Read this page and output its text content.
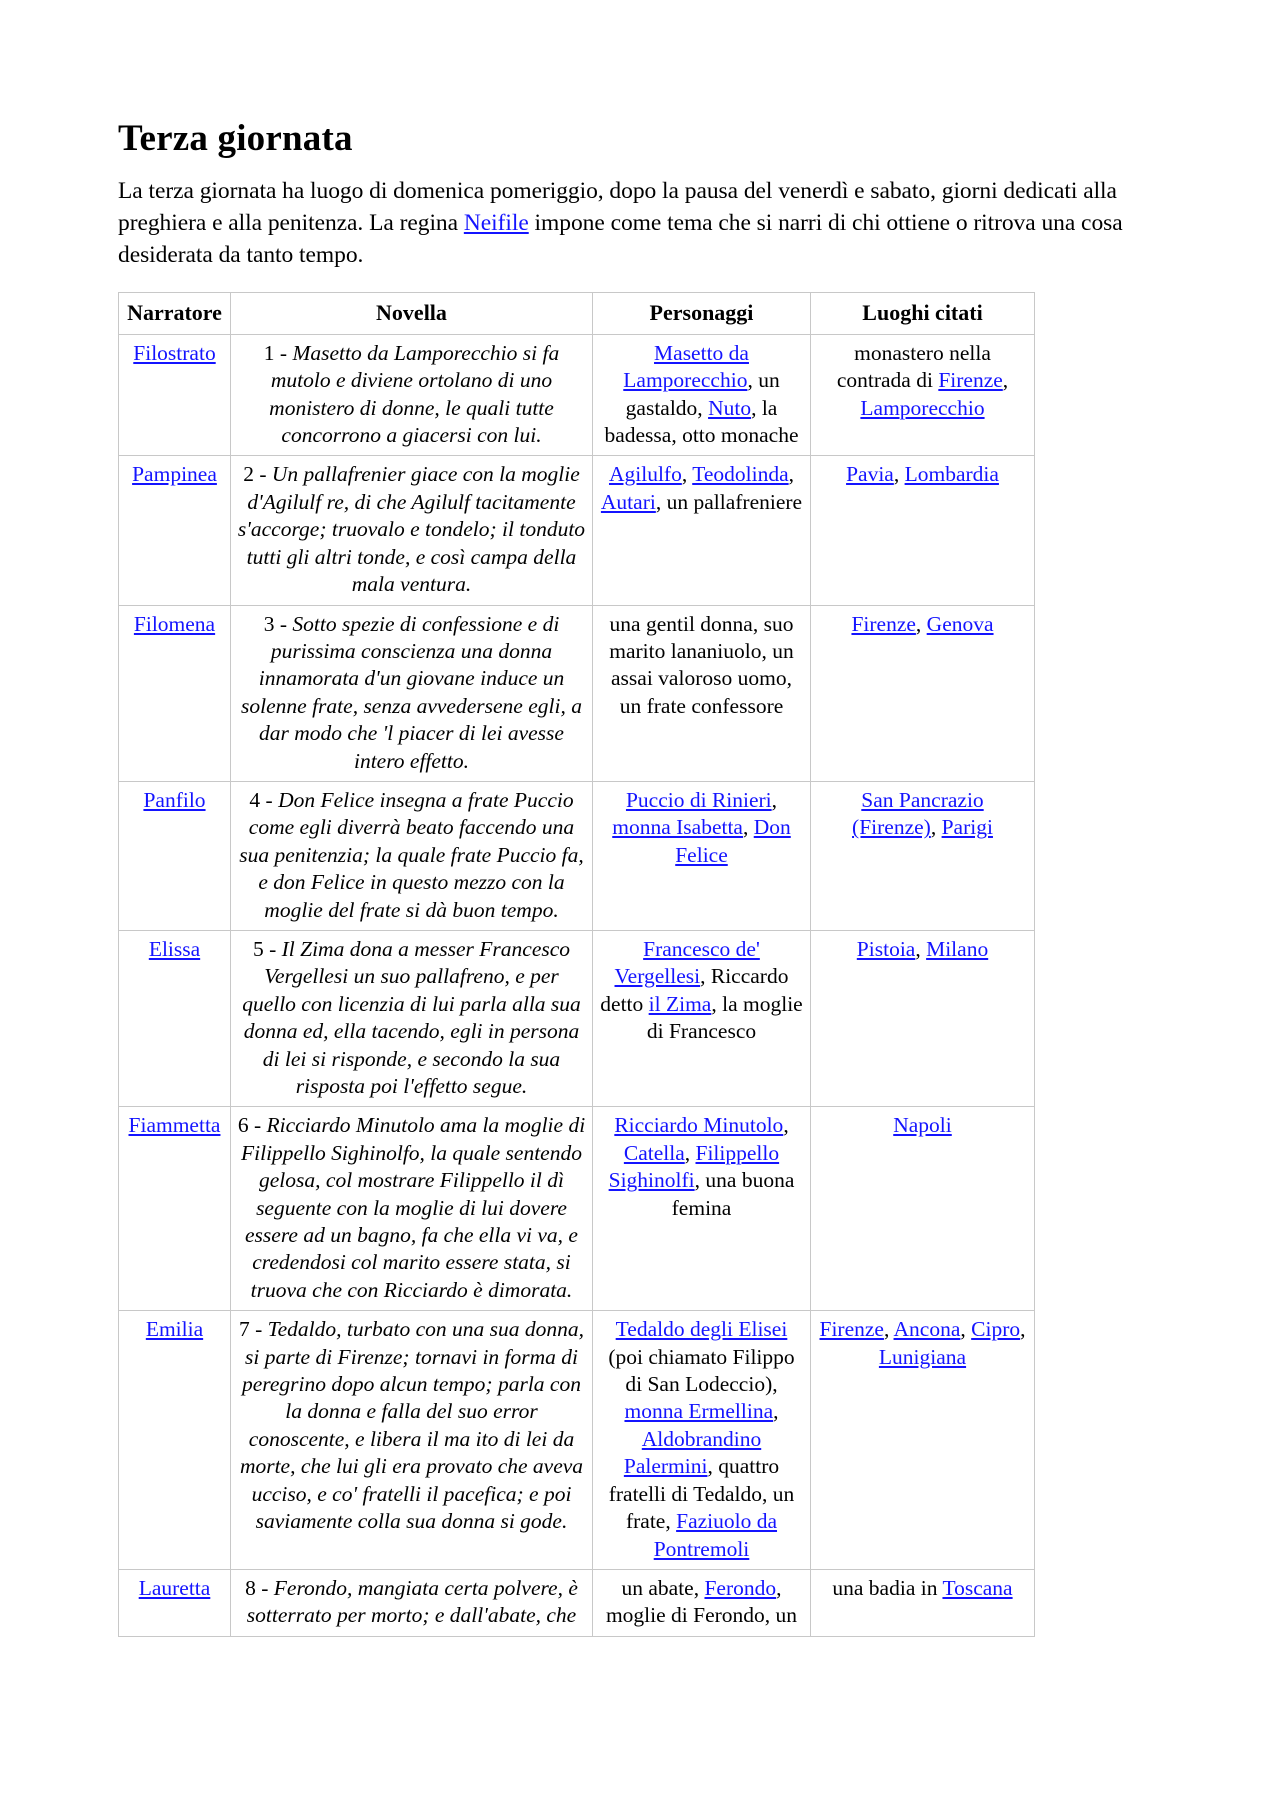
Terza giornata

La terza giornata ha luogo di domenica pomeriggio, dopo la pausa del venerdì e sabato, giorni dedicati alla preghiera e alla penitenza. La regina Neifile impone come tema che si narri di chi ottiene o ritrova una cosa desiderata da tanto tempo.

Narratore	Novella	Personaggi	Luoghi citati
Filostrato	1 - Masetto da Lamporecchio si fa mutolo e diviene ortolano di uno monistero di donne, le quali tutte concorrono a giacersi con lui.	Masetto da Lamporecchio, un gastaldo, Nuto, la badessa, otto monache	monastero nella contrada di Firenze, Lamporecchio
Pampinea	2 - Un pallafrenier giace con la moglie d'Agilulf re, di che Agilulf tacitamente s'accorge; truovalo e tondelo; il tonduto tutti gli altri tonde, e così campa della mala ventura.	Agilulfo, Teodolinda, Autari, un pallafreniere	Pavia, Lombardia
Filomena	3 - Sotto spezie di confessione e di purissima conscienza una donna innamorata d'un giovane induce un solenne frate, senza avvedersene egli, a dar modo che 'l piacer di lei avesse intero effetto.	una gentil donna, suo marito lananiuolo, un assai valoroso uomo, un frate confessore	Firenze, Genova
Panfilo	4 - Don Felice insegna a frate Puccio come egli diverrà beato faccendo una sua penitenzia; la quale frate Puccio fa, e don Felice in questo mezzo con la moglie del frate si dà buon tempo.	Puccio di Rinieri, monna Isabetta, Don Felice	San Pancrazio (Firenze), Parigi
Elissa	5 - Il Zima dona a messer Francesco Vergellesi un suo pallafreno, e per quello con licenzia di lui parla alla sua donna ed, ella tacendo, egli in persona di lei si risponde, e secondo la sua risposta poi l'effetto segue.	Francesco de' Vergellesi, Riccardo detto il Zima, la moglie di Francesco	Pistoia, Milano
Fiammetta	6 - Ricciardo Minutolo ama la moglie di Filippello Sighinolfo, la quale sentendo gelosa, col mostrare Filippello il dì seguente con la moglie di lui dovere essere ad un bagno, fa che ella vi va, e credendosi col marito essere stata, si truova che con Ricciardo è dimorata.	Ricciardo Minutolo, Catella, Filippello Sighinolfi, una buona femina	Napoli
Emilia	7 - Tedaldo, turbato con una sua donna, si parte di Firenze; tornavi in forma di peregrino dopo alcun tempo; parla con la donna e falla del suo error conoscente, e libera il ma ito di lei da morte, che lui gli era provato che aveva ucciso, e co' fratelli il pacefica; e poi saviamente colla sua donna si gode.	Tedaldo degli Elisei (poi chiamato Filippo di San Lodeccio), monna Ermellina, Aldobrandino Palermini, quattro fratelli di Tedaldo, un frate, Faziuolo da Pontremoli	Firenze, Ancona, Cipro, Lunigiana
Lauretta	8 - Ferondo, mangiata certa polvere, è sotterrato per morto; e dall'abate, che	un abate, Ferondo, moglie di Ferondo, un	una badia in Toscana
